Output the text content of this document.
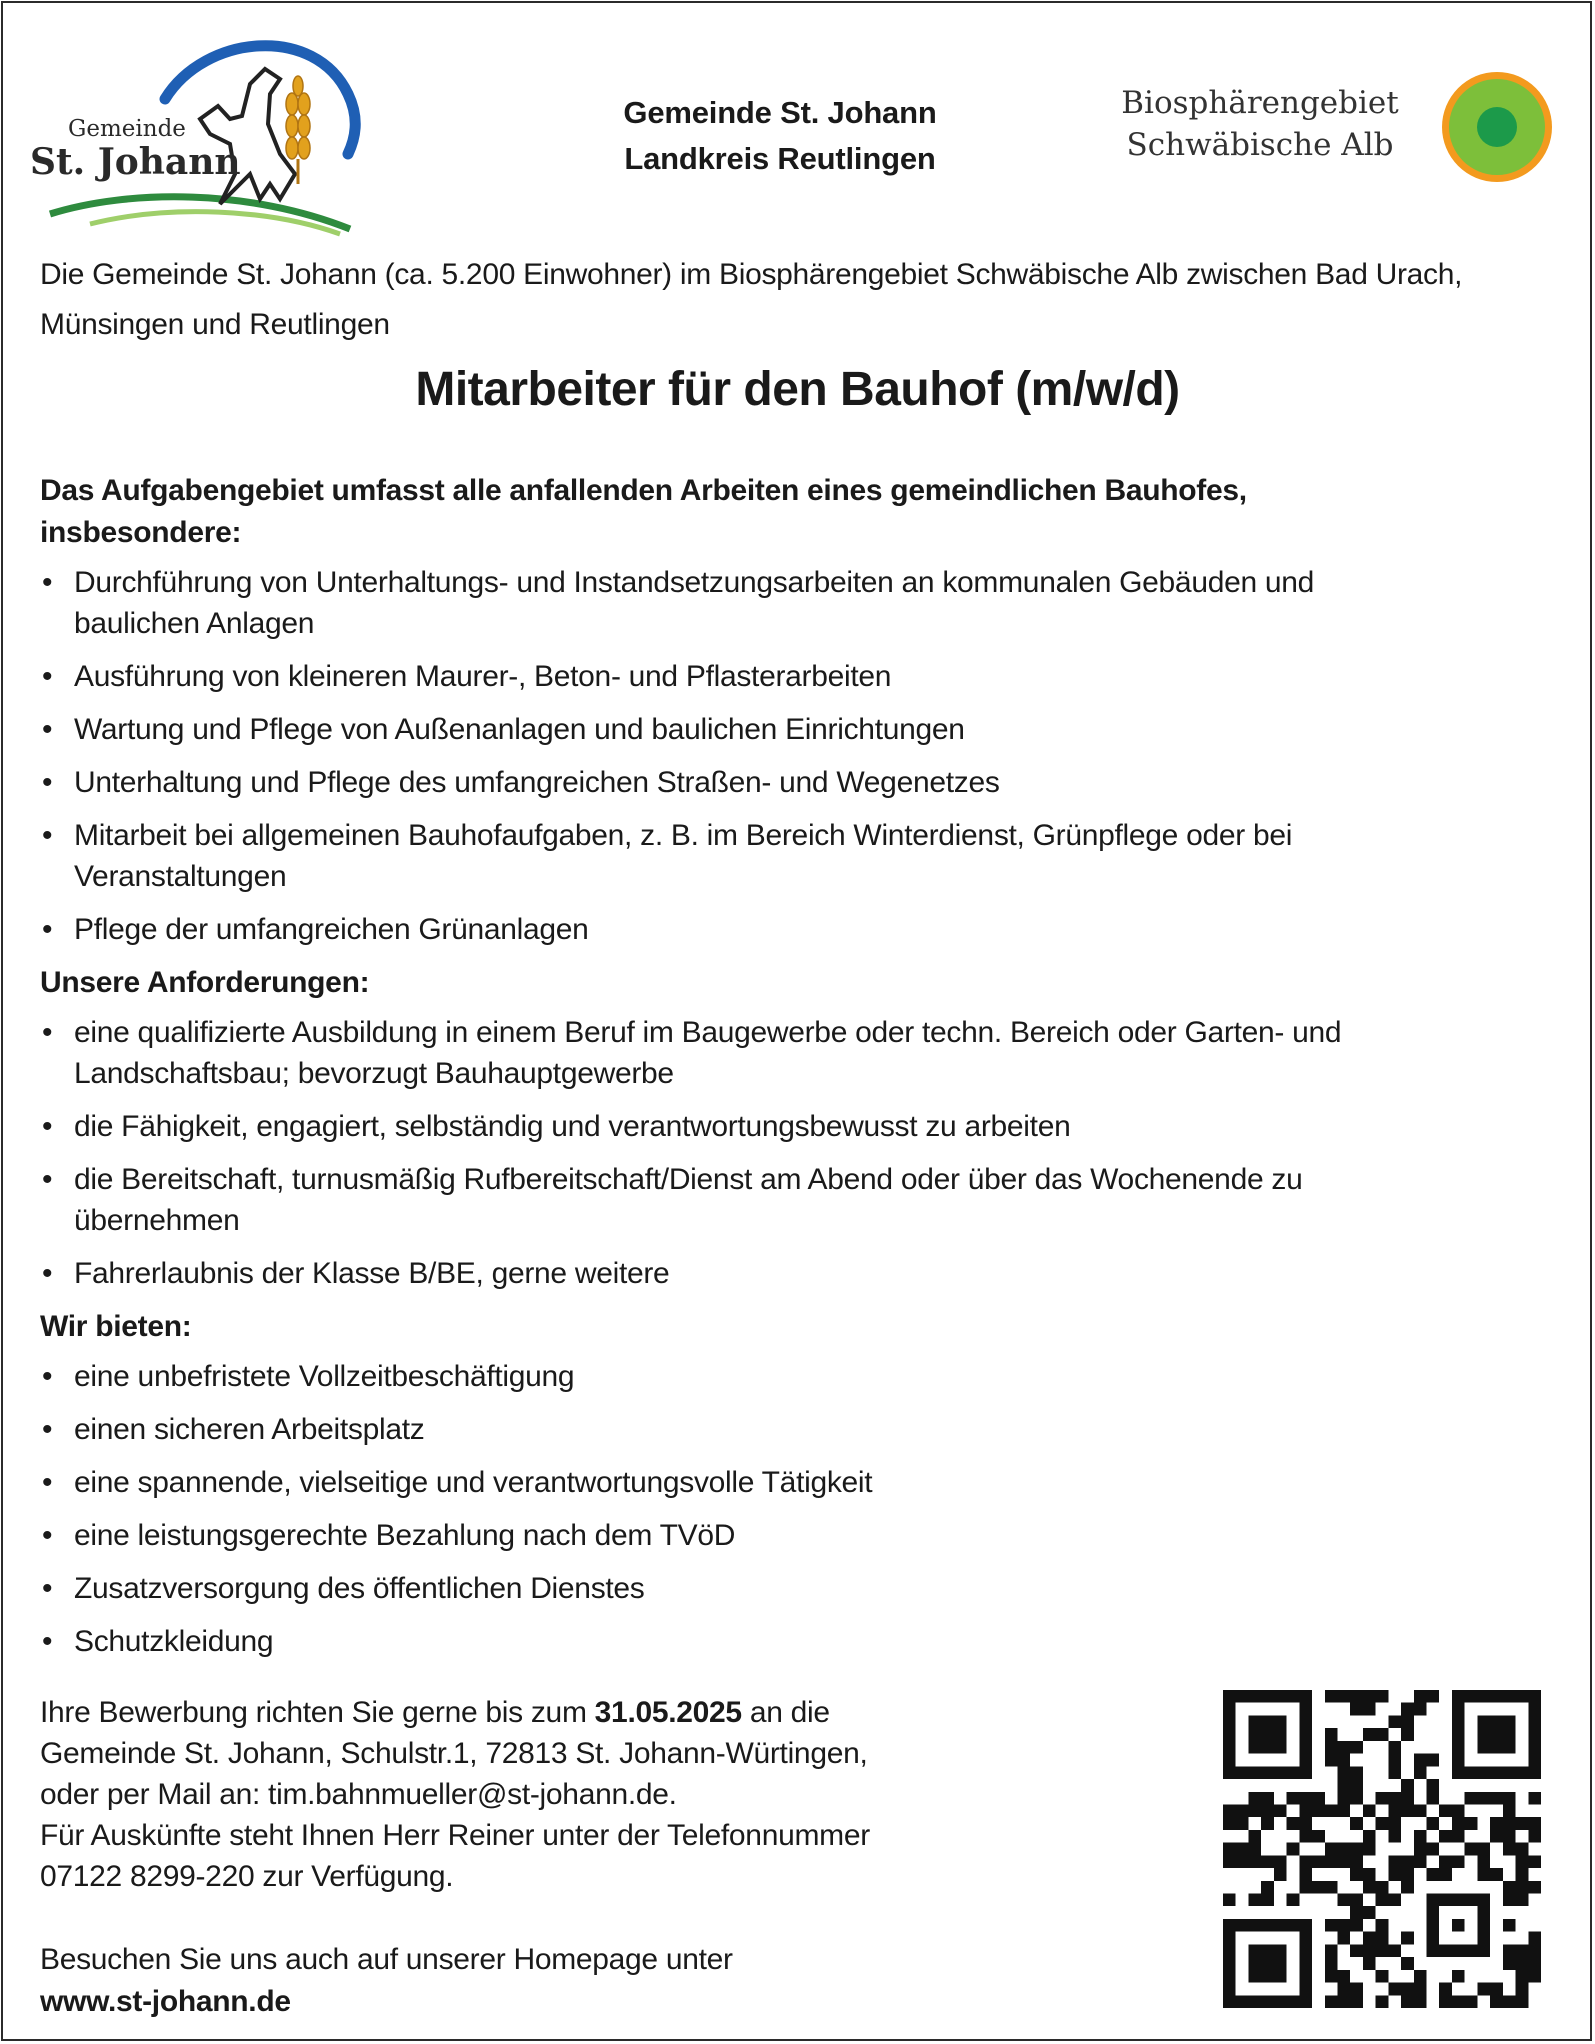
Gemeinde
St. Johann
Gemeinde St. Johann
Landkreis Reutlingen
Biosphärengebiet
Schwäbische Alb
Die Gemeinde St. Johann (ca. 5.200 Einwohner) im Biosphärengebiet Schwäbische Alb zwischen Bad Urach, Münsingen und Reutlingen
Mitarbeiter für den Bauhof (m/w/d)
Das Aufgabengebiet umfasst alle anfallenden Arbeiten eines gemeindlichen Bauhofes, insbesondere:
• Durchführung von Unterhaltungs- und Instandsetzungsarbeiten an kommunalen Gebäuden und baulichen Anlagen
• Ausführung von kleineren Maurer-, Beton- und Pflasterarbeiten
• Wartung und Pflege von Außenanlagen und baulichen Einrichtungen
• Unterhaltung und Pflege des umfangreichen Straßen- und Wegenetzes
• Mitarbeit bei allgemeinen Bauhofaufgaben, z. B. im Bereich Winterdienst, Grünpflege oder bei Veranstaltungen
• Pflege der umfangreichen Grünanlagen
Unsere Anforderungen:
• eine qualifizierte Ausbildung in einem Beruf im Baugewerbe oder techn. Bereich oder Garten- und Landschaftsbau; bevorzugt Bauhauptgewerbe
• die Fähigkeit, engagiert, selbständig und verantwortungsbewusst zu arbeiten
• die Bereitschaft, turnusmäßig Rufbereitschaft/Dienst am Abend oder über das Wochenende zu übernehmen
• Fahrerlaubnis der Klasse B/BE, gerne weitere
Wir bieten:
• eine unbefristete Vollzeitbeschäftigung
• einen sicheren Arbeitsplatz
• eine spannende, vielseitige und verantwortungsvolle Tätigkeit
• eine leistungsgerechte Bezahlung nach dem TVöD
• Zusatzversorgung des öffentlichen Dienstes
• Schutzkleidung
Ihre Bewerbung richten Sie gerne bis zum 31.05.2025 an die
Gemeinde St. Johann, Schulstr.1, 72813 St. Johann-Würtingen,
oder per Mail an: tim.bahnmueller@st-johann.de.
Für Auskünfte steht Ihnen Herr Reiner unter der Telefonnummer
07122 8299-220 zur Verfügung.
Besuchen Sie uns auch auf unserer Homepage unter
www.st-johann.de
